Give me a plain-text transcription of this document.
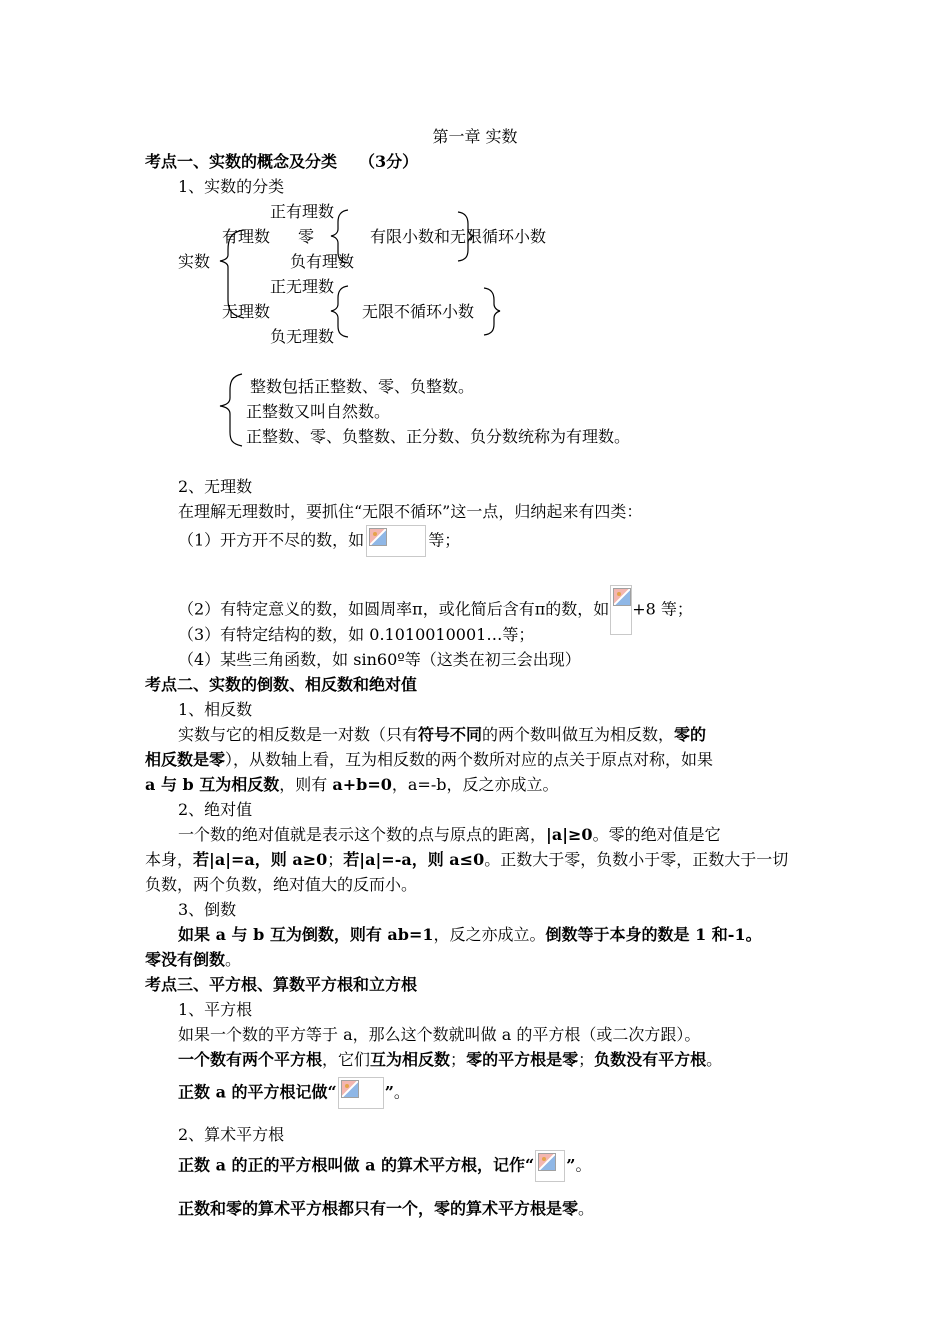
第一章 实数
考点一、实数的概念及分类 （3分）
1、实数的分类
实数
有理数
正有理数
零
负有理数
有限小数和无限循环小数
正无理数
无理数
负无理数
无限不循环小数
整数包括正整数、零、负整数。
正整数又叫自然数。
正整数、零、负整数、正分数、负分数统称为有理数。
2、无理数
在理解无理数时，要抓住“无限不循环”这一点，归纳起来有四类：
（1）开方开不尽的数，如	等；
（2）有特定意义的数，如圆周率π，或化简后含有π的数，如 +8 等；
（3）有特定结构的数，如 0.1010010001…等；
（4）某些三角函数，如 sin60º等（这类在初三会出现）
考点二、实数的倒数、相反数和绝对值
1、相反数
实数与它的相反数是一对数（只有符号不同的两个数叫做互为相反数，零的
相反数是零），从数轴上看，互为相反数的两个数所对应的点关于原点对称，如果
a 与 b 互为相反数，则有 a+b=0，a=-b，反之亦成立。
2、绝对值
一个数的绝对值就是表示这个数的点与原点的距离，|a|≥0。零的绝对值是它
本身，若|a|=a，则 a≥0；若|a|=-a，则 a≤0。正数大于零，负数小于零，正数大于一切
负数，两个负数，绝对值大的反而小。
3、倒数
如果 a 与 b 互为倒数，则有 ab=1，反之亦成立。倒数等于本身的数是 1 和-1。
零没有倒数。
考点三、平方根、算数平方根和立方根
1、平方根
如果一个数的平方等于 a，那么这个数就叫做 a 的平方根（或二次方跟）。
一个数有两个平方根，它们互为相反数；零的平方根是零；负数没有平方根。
正数 a 的平方根记做“	”。
2、算术平方根
正数 a 的正的平方根叫做 a 的算术平方根，记作“ ”。
正数和零的算术平方根都只有一个，零的算术平方根是零。
